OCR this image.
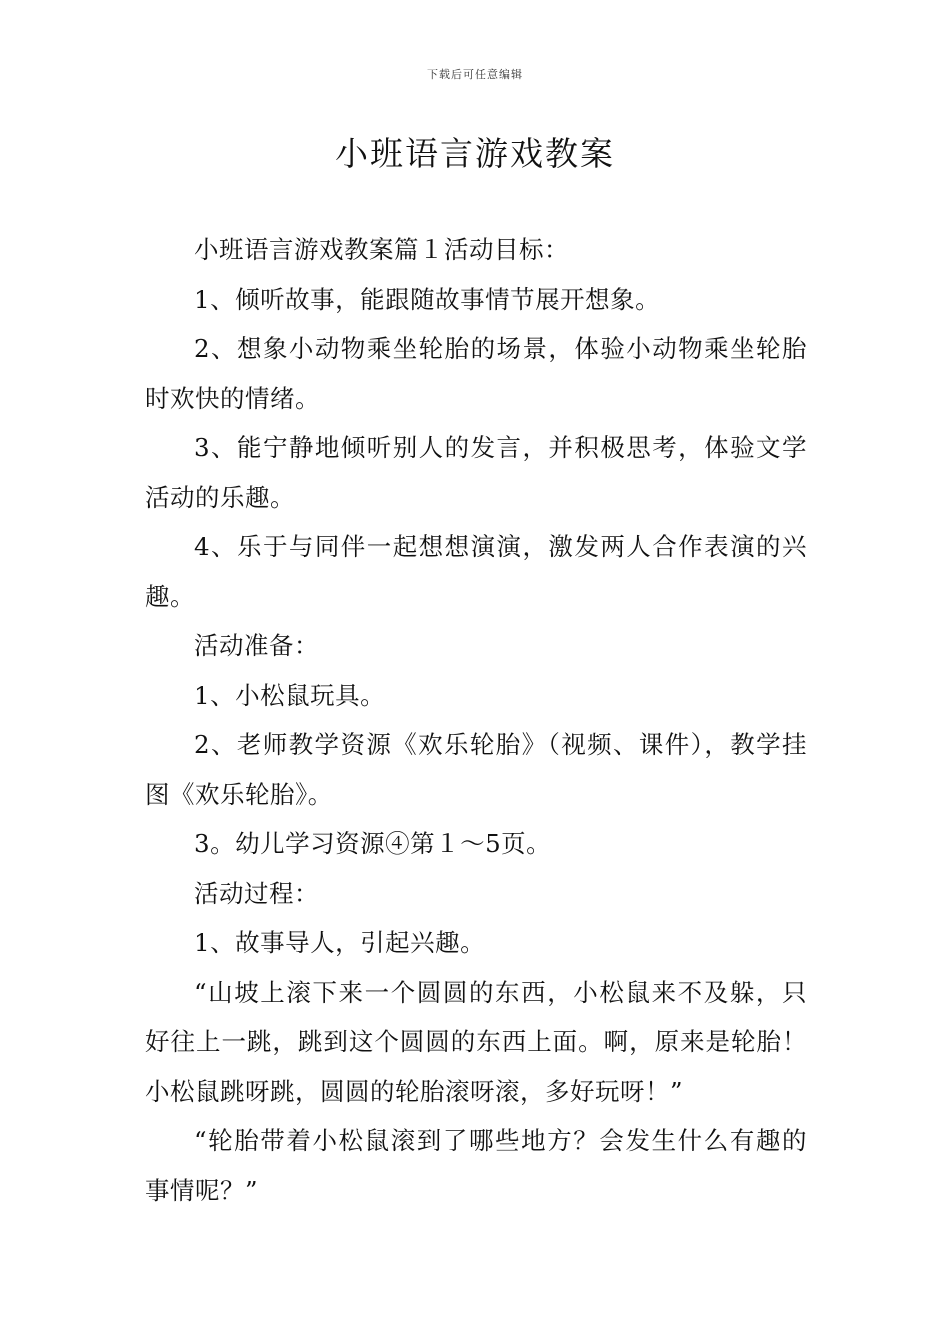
下载后可任意编辑
小班语言游戏教案

小班语言游戏教案篇１活动目标：

1、倾听故事，能跟随故事情节展开想象。

2、想象小动物乘坐轮胎的场景，体验小动物乘坐轮胎时欢快的情绪。

3、能宁静地倾听别人的发言，并积极思考，体验文学活动的乐趣。

4、乐于与同伴一起想想演演，激发两人合作表演的兴趣。

活动准备：

1、小松鼠玩具。

2、老师教学资源《欢乐轮胎》（视频、课件），教学挂图《欢乐轮胎》。

3。幼儿学习资源④第１～5页。

活动过程：

1、故事导人，引起兴趣。

“山坡上滚下来一个圆圆的东西，小松鼠来不及躲，只好往上一跳，跳到这个圆圆的东西上面。啊，原来是轮胎！小松鼠跳呀跳，圆圆的轮胎滚呀滚，多好玩呀！”

“轮胎带着小松鼠滚到了哪些地方？会发生什么有趣的事情呢？”
